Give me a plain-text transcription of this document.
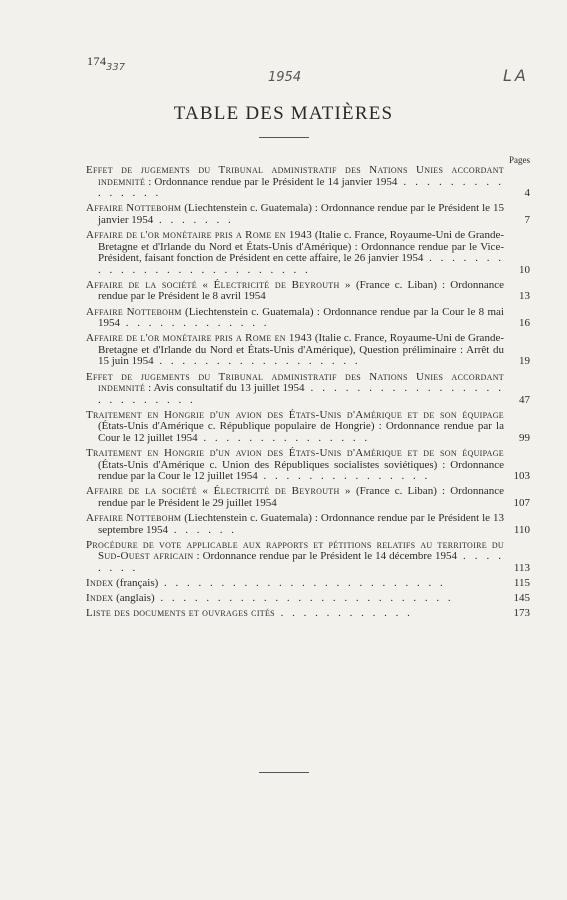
174 337
1954	LA
TABLE DES MATIÈRES
Pages
Effet de jugements du Tribunal administratif des Nations Unies accordant indemnité : Ordonnance rendue par le Président le 14 janvier 1954 . . . . . . . . . . . . . . .	4
Affaire Nottebohm (Liechtenstein c. Guatemala) : Ordonnance rendue par le Président le 15 janvier 1954 . . . . . . .	7
Affaire de l'or monétaire pris a Rome en 1943 (Italie c. France, Royaume-Uni de Grande-Bretagne et d'Irlande du Nord et États-Unis d'Amérique) : Ordonnance rendue par le Vice-Président, faisant fonction de Président en cette affaire, le 26 janvier 1954 . . . . . . . . . . . . . . . . . . . . . . . . . .	10
Affaire de la société « Électricité de Beyrouth » (France c. Liban) : Ordonnance rendue par le Président le 8 avril 1954	13
Affaire Nottebohm (Liechtenstein c. Guatemala) : Ordonnance rendue par la Cour le 8 mai 1954 . . . . . . . . . . . . .	16
Affaire de l'or monétaire pris a Rome en 1943 (Italie c. France, Royaume-Uni de Grande-Bretagne et d'Irlande du Nord et États-Unis d'Amérique), Question préliminaire : Arrêt du 15 juin 1954 . . . . . . . . . . . . . . . . . .	19
Effet de jugements du Tribunal administratif des Nations Unies accordant indemnité : Avis consultatif du 13 juillet 1954 . . . . . . . . . . . . . . . . . . . . . . . . . .	47
Traitement en Hongrie d'un avion des États-Unis d'Amérique et de son équipage (États-Unis d'Amérique c. République populaire de Hongrie) : Ordonnance rendue par la Cour le 12 juillet 1954 . . . . . . . . . . . . . . .	99
Traitement en Hongrie d'un avion des États-Unis d'Amérique et de son équipage (États-Unis d'Amérique c. Union des Républiques socialistes soviétiques) : Ordonnance rendue par la Cour le 12 juillet 1954 . . . . . . . . . . . . . . .	103
Affaire de la société « Électricité de Beyrouth » (France c. Liban) : Ordonnance rendue par le Président le 29 juillet 1954	107
Affaire Nottebohm (Liechtenstein c. Guatemala) : Ordonnance rendue par le Président le 13 septembre 1954 . . . . . .	110
Procédure de vote applicable aux rapports et pétitions relatifs au territoire du Sud-Ouest africain : Ordonnance rendue par le Président le 14 décembre 1954 . . . . . . . .	113
Index (français) . . . . . . . . . . . . . . . . . . . . . . . . .	115
Index (anglais) . . . . . . . . . . . . . . . . . . . . . . . . . .	145
Liste des documents et ouvrages cités . . . . . . . . . . . .	173
